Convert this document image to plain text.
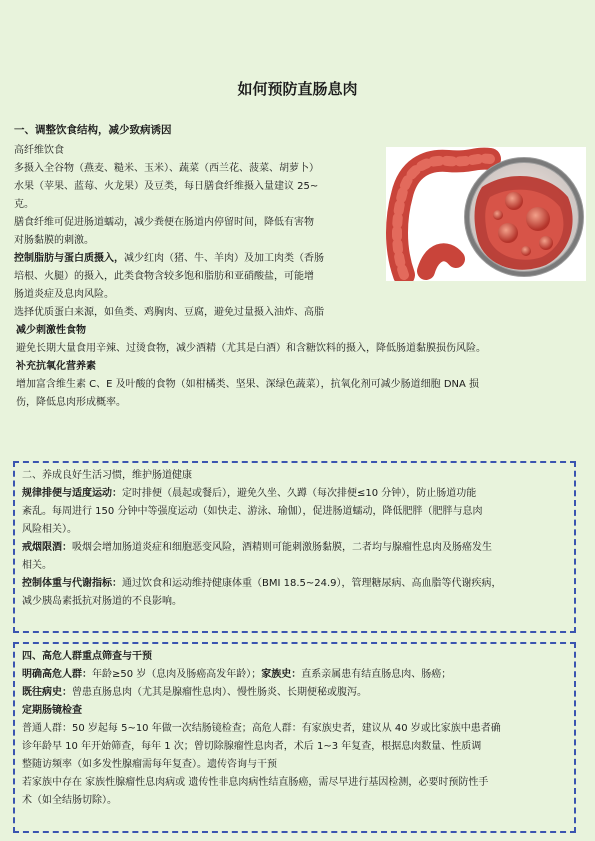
如何预防直肠息肉
一、调整饮食结构，减少致病诱因
高纤维饮食
多摄入全谷物（燕麦、糙米、玉米）、蔬菜（西兰花、菠菜、胡萝卜）
水果（苹果、蓝莓、火龙果）及豆类，每日膳食纤维摄入量建议 25~
克。
膳食纤维可促进肠道蠕动，减少粪便在肠道内停留时间，降低有害物
对肠黏膜的刺激。
控制脂肪与蛋白质摄入，减少红肉（猪、牛、羊肉）及加工肉类（香肠
培根、火腿）的摄入，此类食物含较多饱和脂肪和亚硝酸盐，可能增
肠道炎症及息肉风险。
选择优质蛋白来源，如鱼类、鸡胸肉、豆腐，避免过量摄入油炸、高脂
减少刺激性食物
避免长期大量食用辛辣、过烫食物，减少酒精（尤其是白酒）和含糖饮料的摄入，降低肠道黏膜损伤风险。
补充抗氧化营养素
增加富含维生素 C、E 及叶酸的食物（如柑橘类、坚果、深绿色蔬菜），抗氧化剂可减少肠道细胞 DNA 损
伤，降低息肉形成概率。
二、养成良好生活习惯，维护肠道健康
规律排便与适度运动：定时排便（晨起或餐后），避免久坐、久蹲（每次排便≤10 分钟），防止肠道功能
紊乱。每周进行 150 分钟中等强度运动（如快走、游泳、瑜伽），促进肠道蠕动，降低肥胖（肥胖与息肉
风险相关）。
戒烟限酒：吸烟会增加肠道炎症和细胞恶变风险，酒精则可能刺激肠黏膜，二者均与腺瘤性息肉及肠癌发生
相关。
控制体重与代谢指标：通过饮食和运动维持健康体重（BMI 18.5~24.9），管理糖尿病、高血脂等代谢疾病，
减少胰岛素抵抗对肠道的不良影响。
四、高危人群重点筛查与干预
明确高危人群：年龄≥50 岁（息肉及肠癌高发年龄）；家族史：直系亲属患有结直肠息肉、肠癌；
既往病史：曾患直肠息肉（尤其是腺瘤性息肉）、慢性肠炎、长期便秘或腹泻。
定期肠镜检查
普通人群：50 岁起每 5~10 年做一次结肠镜检查；高危人群：有家族史者，建议从 40 岁或比家族中患者确
诊年龄早 10 年开始筛查，每年 1 次；曾切除腺瘤性息肉者，术后 1~3 年复查，根据息肉数量、性质调
整随访频率（如多发性腺瘤需每年复查）。遗传咨询与干预
若家族中存在 家族性腺瘤性息肉病或 遗传性非息肉病性结直肠癌，需尽早进行基因检测，必要时预防性手
术（如全结肠切除）。
